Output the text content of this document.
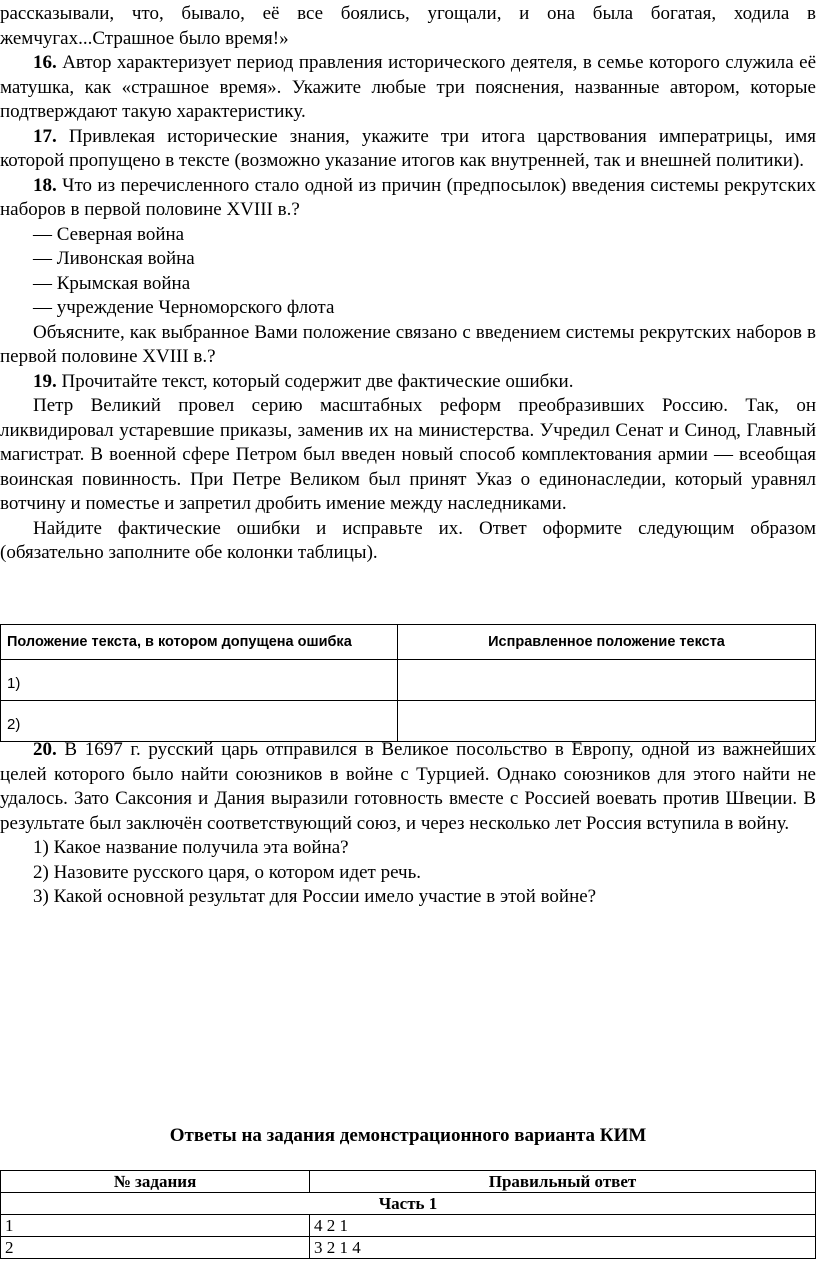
рассказывали, что, бывало, её все боялись, угощали, и она была богатая, ходила в жемчугах...Страшное было время!»

16. Автор характеризует период правления исторического деятеля, в семье которого служила её матушка, как «страшное время». Укажите любые три пояснения, названные автором, которые подтверждают такую характеристику.

17. Привлекая исторические знания, укажите три итога царствования императрицы, имя которой пропущено в тексте (возможно указание итогов как внутренней, так и внешней политики).

18. Что из перечисленного стало одной из причин (предпосылок) введения системы рекрутских наборов в первой половине XVIII в.?

— Северная война

— Ливонская война

— Крымская война

— учреждение Черноморского флота

Объясните, как выбранное Вами положение связано с введением системы рекрутских наборов в первой половине XVIII в.?

19. Прочитайте текст, который содержит две фактические ошибки.

Петр Великий провел серию масштабных реформ преобразивших Россию. Так, он ликвидировал устаревшие приказы, заменив их на министерства. Учредил Сенат и Синод, Главный магистрат. В военной сфере Петром был введен новый способ комплектования армии — всеобщая воинская повинность. При Петре Великом был принят Указ о единонаследии, который уравнял вотчину и поместье и запретил дробить имение между наследниками.

Найдите фактические ошибки и исправьте их. Ответ оформите следующим образом (обязательно заполните обе колонки таблицы).

Положение текста, в котором допущена ошибка	Исправленное положение текста
1)	
2)	

20. В 1697 г. русский царь отправился в Великое посольство в Европу, одной из важнейших целей которого было найти союзников в войне с Турцией. Однако союзников для этого найти не удалось. Зато Саксония и Дания выразили готовность вместе с Россией воевать против Швеции. В результате был заключён соответствующий союз, и через несколько лет Россия вступила в войну.

1) Какое название получила эта война?

2) Назовите русского царя, о котором идет речь.

3) Какой основной результат для России имело участие в этой войне?

Ответы на задания демонстрационного варианта КИМ
№ задания	Правильный ответ
Часть 1	
1	4 2 1
2	3 2 1 4
